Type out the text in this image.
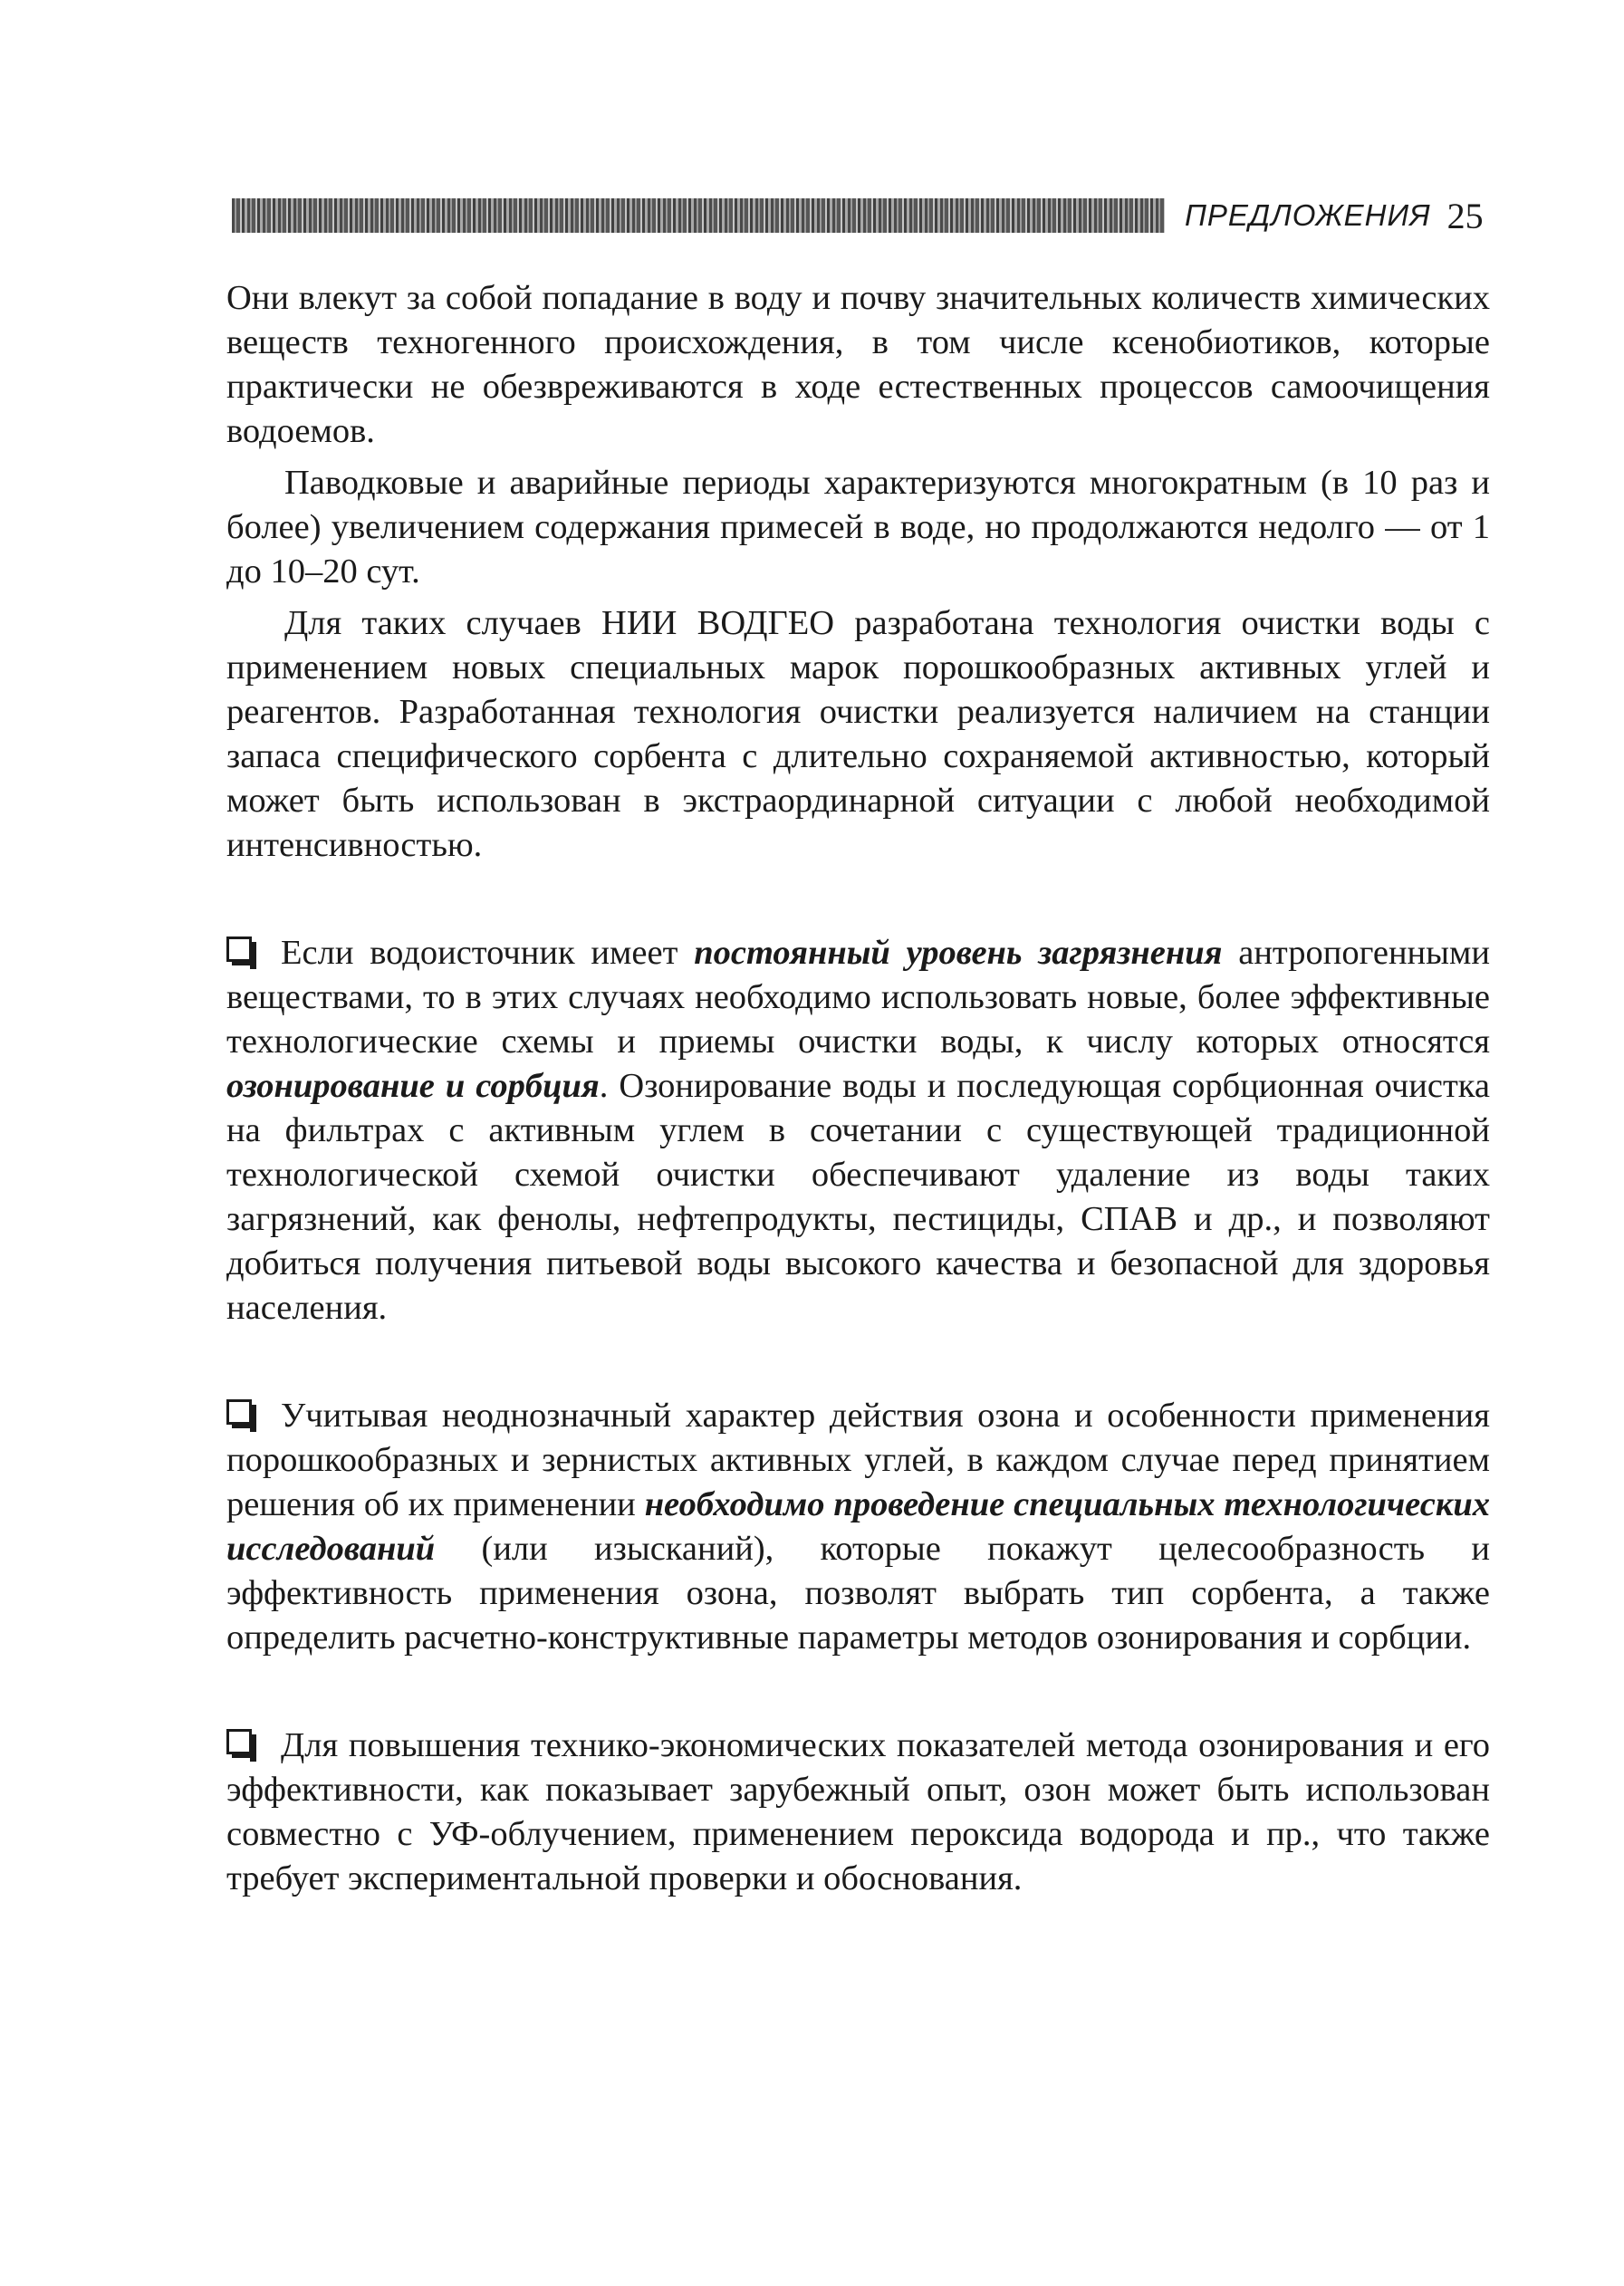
ПРЕДЛОЖЕНИЯ 25

Они влекут за собой попадание в воду и почву значительных количеств химических веществ техногенного происхождения, в том числе ксенобиотиков, которые практически не обезвреживаются в ходе естественных процессов самоочищения водоемов.

Паводковые и аварийные периоды характеризуются многократным (в 10 раз и более) увеличением содержания примесей в воде, но продолжаются недолго — от 1 до 10–20 сут.

Для таких случаев НИИ ВОДГЕО разработана технология очистки воды с применением новых специальных марок порошкообразных активных углей и реагентов. Разработанная технология очистки реализуется наличием на станции запаса специфического сорбента с длительно сохраняемой активностью, который может быть использован в экстраординарной ситуации с любой необходимой интенсивностью.

Если водоисточник имеет постоянный уровень загрязнения антропогенными веществами, то в этих случаях необходимо использовать новые, более эффективные технологические схемы и приемы очистки воды, к числу которых относятся озонирование и сорбция. Озонирование воды и последующая сорбционная очистка на фильтрах с активным углем в сочетании с существующей традиционной технологической схемой очистки обеспечивают удаление из воды таких загрязнений, как фенолы, нефтепродукты, пестициды, СПАВ и др., и позволяют добиться получения питьевой воды высокого качества и безопасной для здоровья населения.

Учитывая неоднозначный характер действия озона и особенности применения порошкообразных и зернистых активных углей, в каждом случае перед принятием решения об их применении необходимо проведение специальных технологических исследований (или изысканий), которые покажут целесообразность и эффективность применения озона, позволят выбрать тип сорбента, а также определить расчетно-конструктивные параметры методов озонирования и сорбции.

Для повышения технико-экономических показателей метода озонирования и его эффективности, как показывает зарубежный опыт, озон может быть использован совместно с УФ-облучением, применением пероксида водорода и пр., что также требует экспериментальной проверки и обоснования.
